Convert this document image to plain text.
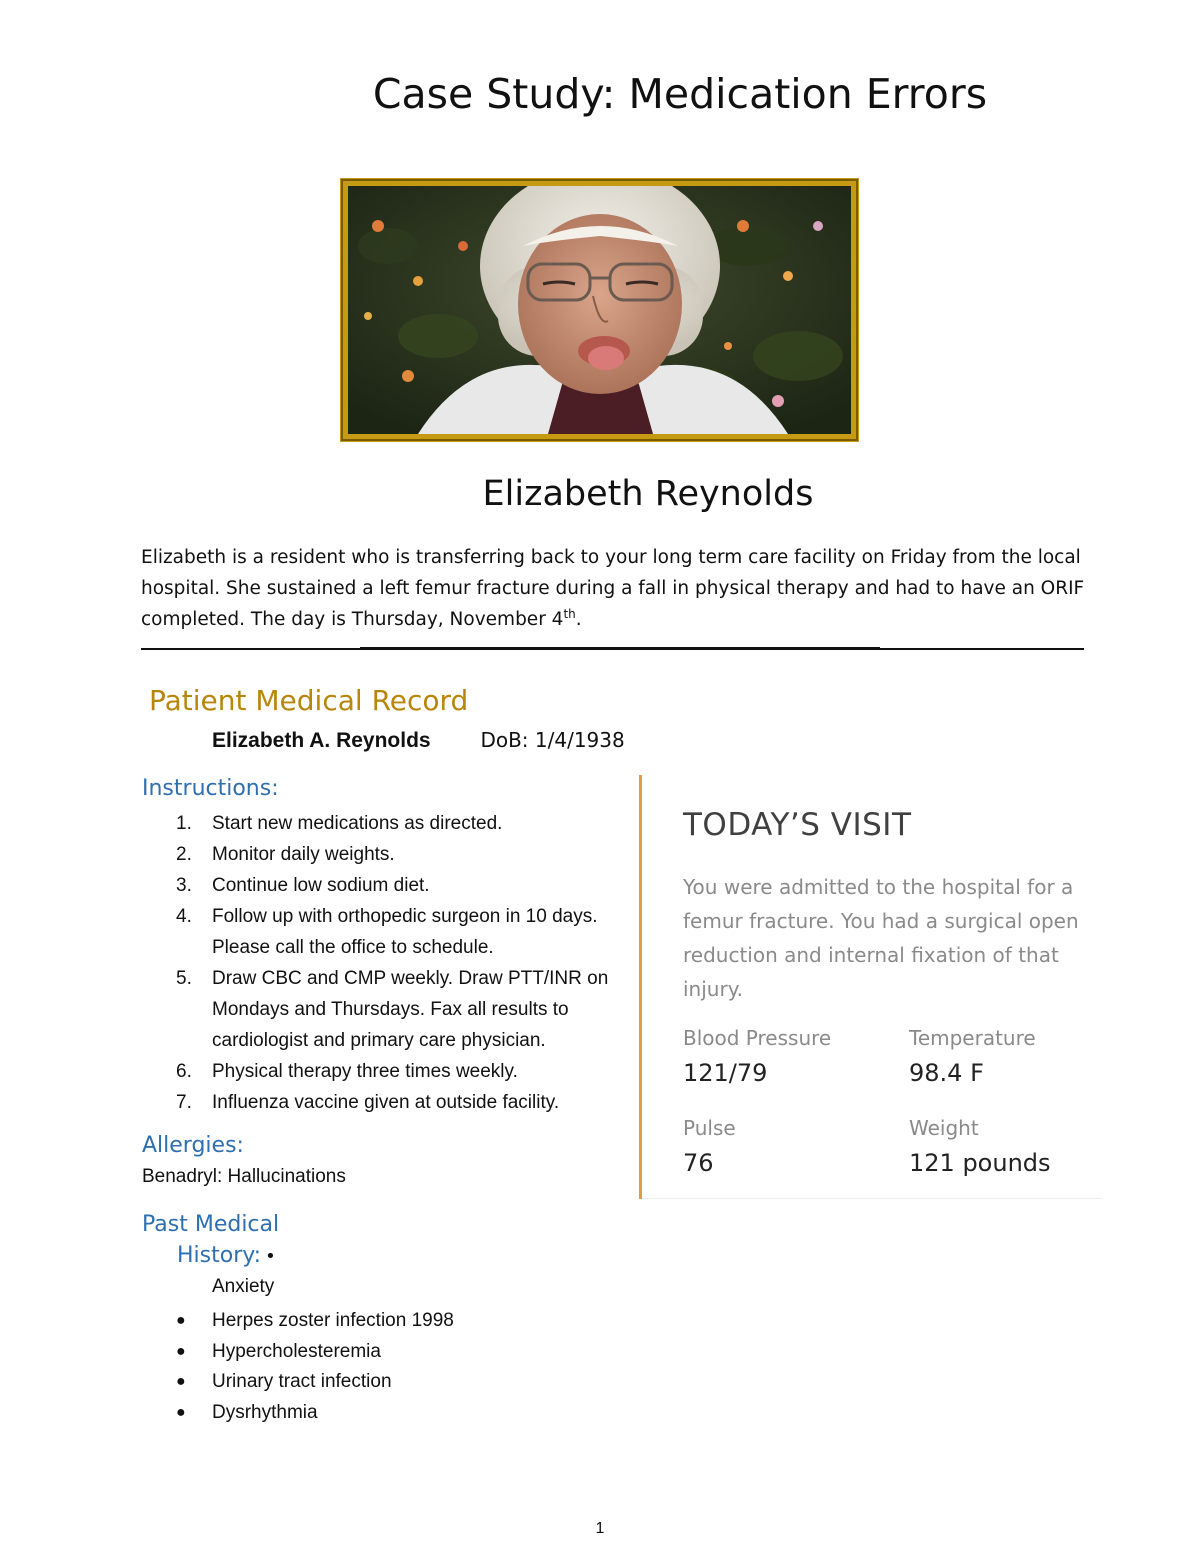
Case Study: Medication Errors
Elizabeth Reynolds
Elizabeth is a resident who is transferring back to your long term care facility on Friday from the local hospital. She sustained a left femur fracture during a fall in physical therapy and had to have an ORIF completed. The day is Thursday, November 4th.
Patient Medical Record
Elizabeth A. Reynolds DoB: 1/4/1938
Instructions:
1. Start new medications as directed.
2. Monitor daily weights.
3. Continue low sodium diet.
4. Follow up with orthopedic surgeon in 10 days. Please call the office to schedule.
5. Draw CBC and CMP weekly. Draw PTT/INR on Mondays and Thursdays. Fax all results to cardiologist and primary care physician.
6. Physical therapy three times weekly.
7. Influenza vaccine given at outside facility.
Allergies:
Benadryl: Hallucinations
Past Medical
History: •
Anxiety
● Herpes zoster infection 1998
● Hypercholesteremia
● Urinary tract infection
● Dysrhythmia
TODAY’S VISIT
You were admitted to the hospital for a femur fracture. You had a surgical open reduction and internal fixation of that injury.
Blood Pressure
121/79
Temperature
98.4 F
Pulse
76
Weight
121 pounds
1
